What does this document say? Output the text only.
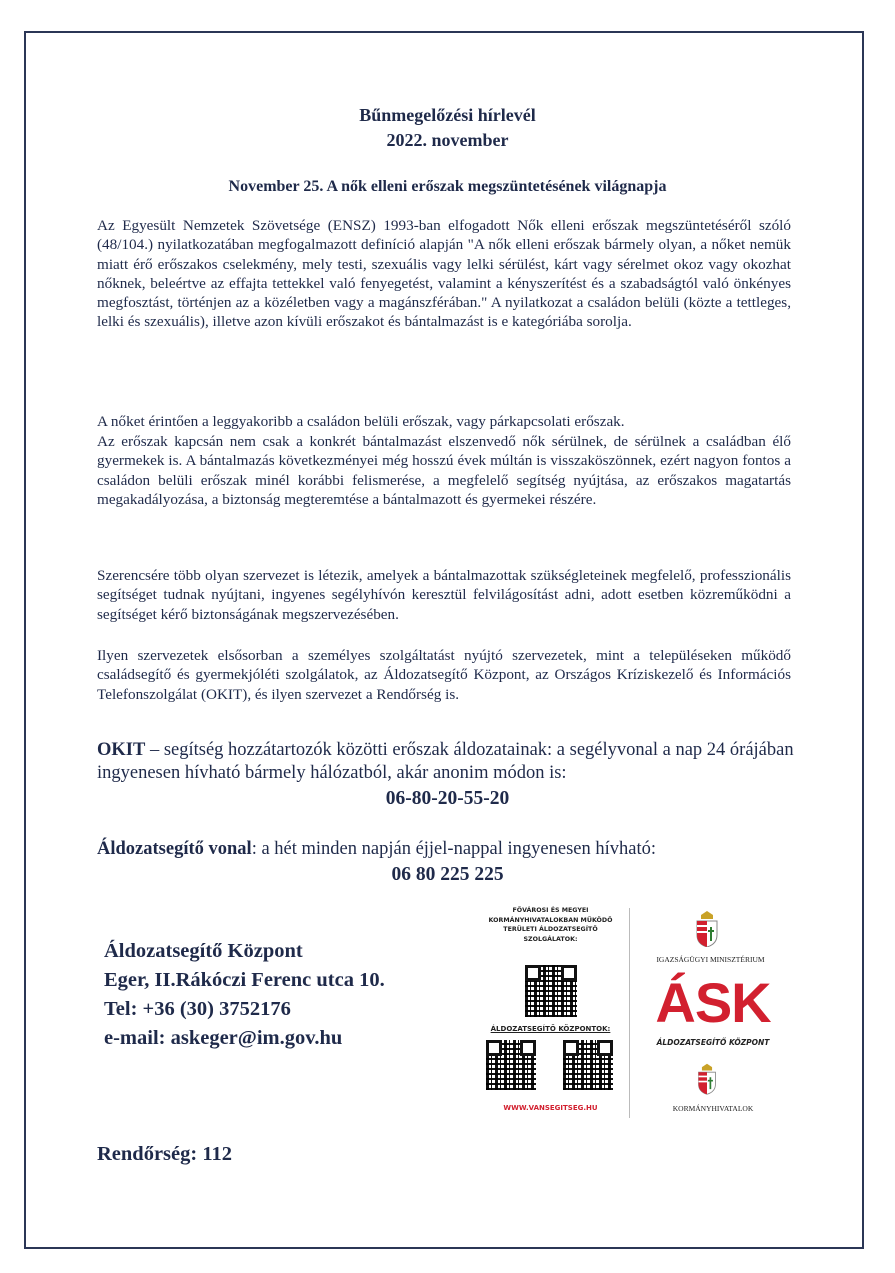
Bűnmegelőzési hírlevél
2022. november
November 25. A nők elleni erőszak megszüntetésének világnapja

Az Egyesült Nemzetek Szövetsége (ENSZ) 1993-ban elfogadott Nők elleni erőszak megszüntetéséről szóló (48/104.) nyilatkozatában megfogalmazott definíció alapján "A nők elleni erőszak bármely olyan, a nőket nemük miatt érő erőszakos cselekmény, mely testi, szexuális vagy lelki sérülést, kárt vagy sérelmet okoz vagy okozhat nőknek, beleértve az effajta tettekkel való fenyegetést, valamint a kényszerítést és a szabadságtól való önkényes megfosztást, történjen az a közéletben vagy a magánszférában." A nyilatkozat a családon belüli (közte a tettleges, lelki és szexuális), illetve azon kívüli erőszakot és bántalmazást is e kategóriába sorolja.

A nőket érintően a leggyakoribb a családon belüli erőszak, vagy párkapcsolati erőszak.

Az erőszak kapcsán nem csak a konkrét bántalmazást elszenvedő nők sérülnek, de sérülnek a családban élő gyermekek is. A bántalmazás következményei még hosszú évek múltán is visszaköszönnek, ezért nagyon fontos a családon belüli erőszak minél korábbi felismerése, a megfelelő segítség nyújtása, az erőszakos magatartás megakadályozása, a biztonság megteremtése a bántalmazott és gyermekei részére.

Szerencsére több olyan szervezet is létezik, amelyek a bántalmazottak szükségleteinek megfelelő, professzionális segítséget tudnak nyújtani, ingyenes segélyhívón keresztül felvilágosítást adni, adott esetben közreműködni a segítséget kérő biztonságának megszervezésében.

Ilyen szervezetek elsősorban a személyes szolgáltatást nyújtó szervezetek, mint a településeken működő családsegítő és gyermekjóléti szolgálatok, az Áldozatsegítő Központ, az Országos Kríziskezelő és Információs Telefonszolgálat (OKIT), és ilyen szervezet a Rendőrség is.

OKIT – segítség hozzátartozók közötti erőszak áldozatainak: a segélyvonal a nap 24 órájában ingyenesen hívható bármely hálózatból, akár anonim módon is:

06-80-20-55-20

Áldozatsegítő vonal: a hét minden napján éjjel-nappal ingyenesen hívható:

06 80 225 225
Áldozatsegítő Központ
Eger, II.Rákóczi Ferenc utca 10.
Tel: +36 (30) 3752176
e-mail: askeger@im.gov.hu
FŐVÁROSI ÉS MEGYEI KORMÁNYHIVATALOKBAN MŰKÖDŐ TERÜLETI ÁLDOZATSEGÍTŐ SZOLGÁLATOK:
ÁLDOZATSEGÍTŐ KÖZPONTOK:
WWW.VANSEGITSEG.HU
IGAZSÁGÜGYI MINISZTÉRIUM
ÁSK
ÁLDOZATSEGÍTŐ KÖZPONT
KORMÁNYHIVATALOK
Rendőrség: 112
